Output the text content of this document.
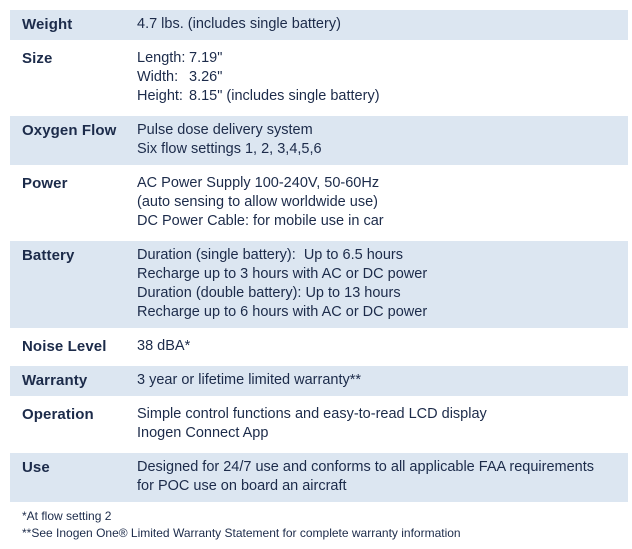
Weight	4.7 lbs. (includes single battery)
Size	Length: 7.19"
Width: 3.26"
Height: 8.15" (includes single battery)
Oxygen Flow	Pulse dose delivery system
Six flow settings 1, 2, 3,4,5,6
Power	AC Power Supply 100-240V, 50-60Hz
(auto sensing to allow worldwide use)
DC Power Cable: for mobile use in car
Battery	Duration (single battery):  Up to 6.5 hours
Recharge up to 3 hours with AC or DC power
Duration (double battery): Up to 13 hours
Recharge up to 6 hours with AC or DC power
Noise Level	38 dBA*
Warranty	3 year or lifetime limited warranty**
Operation	Simple control functions and easy-to-read LCD display
Inogen Connect App
Use	Designed for 24/7 use and conforms to all applicable FAA requirements
for POC use on board an aircraft
*At flow setting 2
**See Inogen One® Limited Warranty Statement for complete warranty information
